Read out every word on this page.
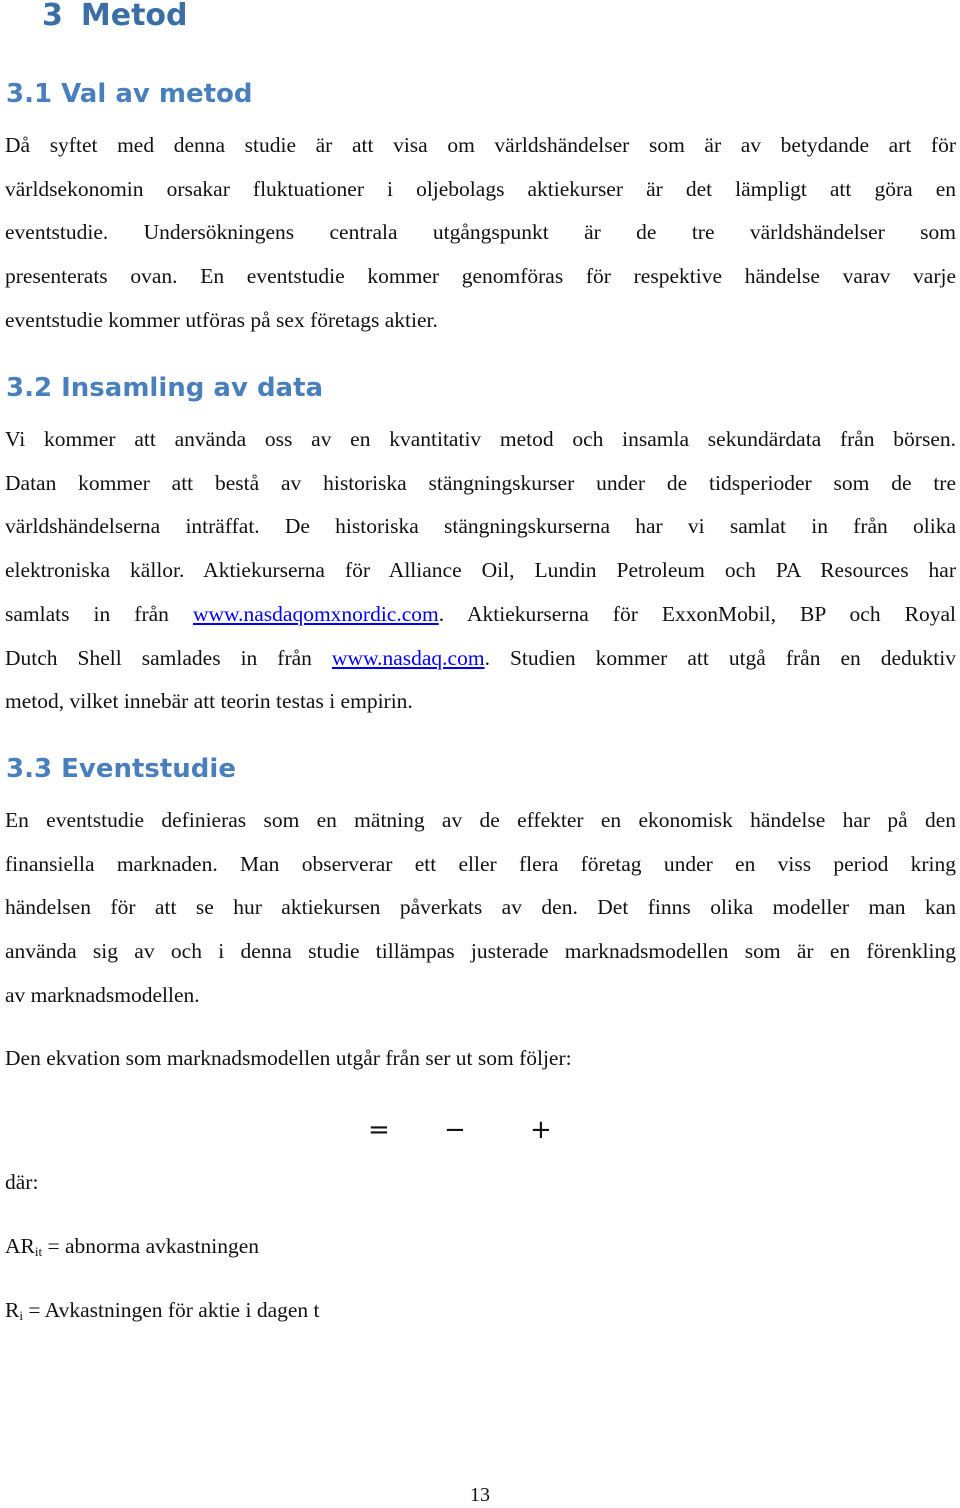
3 Metod
3.1 Val av metod
Då syftet med denna studie är att visa om världshändelser som är av betydande art för
världsekonomin orsakar fluktuationer i oljebolags aktiekurser är det lämpligt att göra en
eventstudie. Undersökningens centrala utgångspunkt är de tre världshändelser som
presenterats ovan. En eventstudie kommer genomföras för respektive händelse varav varje
eventstudie kommer utföras på sex företags aktier.
3.2 Insamling av data
Vi kommer att använda oss av en kvantitativ metod och insamla sekundärdata från börsen.
Datan kommer att bestå av historiska stängningskurser under de tidsperioder som de tre
världshändelserna inträffat. De historiska stängningskurserna har vi samlat in från olika
elektroniska källor. Aktiekurserna för Alliance Oil, Lundin Petroleum och PA Resources har
samlats in från www.nasdaqomxnordic.com. Aktiekurserna för ExxonMobil, BP och Royal
Dutch Shell samlades in från www.nasdaq.com. Studien kommer att utgå från en deduktiv
metod, vilket innebär att teorin testas i empirin.
3.3 Eventstudie
En eventstudie definieras som en mätning av de effekter en ekonomisk händelse har på den
finansiella marknaden. Man observerar ett eller flera företag under en viss period kring
händelsen för att se hur aktiekursen påverkats av den. Det finns olika modeller man kan
använda sig av och i denna studie tillämpas justerade marknadsmodellen som är en förenkling
av marknadsmodellen.

Den ekvation som marknadsmodellen utgår från ser ut som följer:

= − +

där:

$AR_{it}$ = abnorma avkastningen

$R_i$ = Avkastningen för aktie i dagen t

13
